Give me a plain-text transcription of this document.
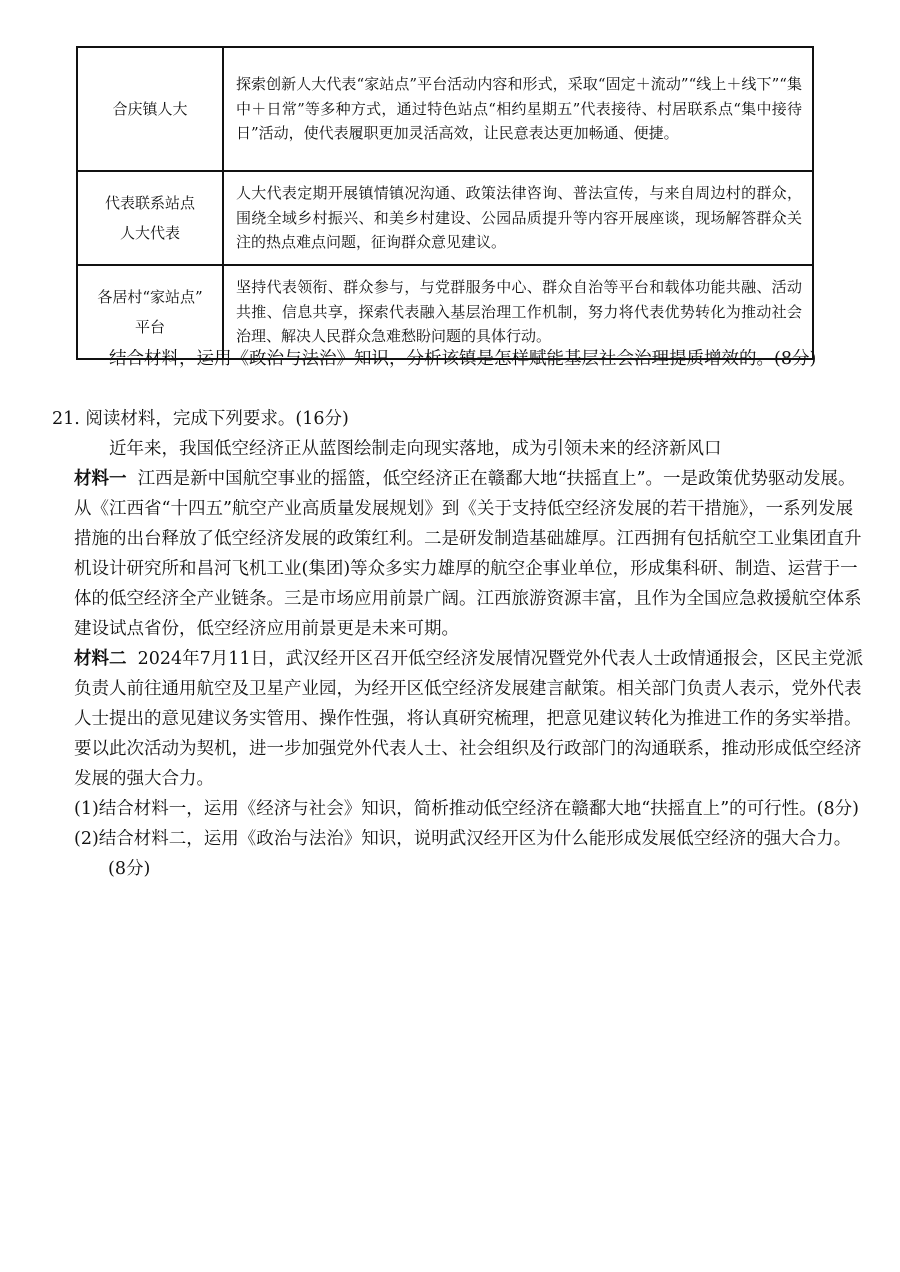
合庆镇人大	探索创新人大代表“家站点”平台活动内容和形式，采取“固定＋流动”“线上＋线下”“集中＋日常”等多种方式，通过特色站点“相约星期五”代表接待、村居联系点“集中接待日”活动，使代表履职更加灵活高效，让民意表达更加畅通、便捷。

代表联系站点
人大代表	人大代表定期开展镇情镇况沟通、政策法律咨询、普法宣传，与来自周边村的群众，围绕全域乡村振兴、和美乡村建设、公园品质提升等内容开展座谈，现场解答群众关注的热点难点问题，征询群众意见建议。

各居村“家站点”
平台	坚持代表领衔、群众参与，与党群服务中心、群众自治等平台和载体功能共融、活动共推、信息共享，探索代表融入基层治理工作机制，努力将代表优势转化为推动社会治理、解决人民群众急难愁盼问题的具体行动。

结合材料，运用《政治与法治》知识，分析该镇是怎样赋能基层社会治理提质增效的。(8分)

21. 阅读材料，完成下列要求。(16分)

近年来，我国低空经济正从蓝图绘制走向现实落地，成为引领未来的经济新风口

材料一 江西是新中国航空事业的摇篮，低空经济正在赣鄱大地“扶摇直上”。一是政策优势驱动发展。从《江西省“十四五”航空产业高质量发展规划》到《关于支持低空经济发展的若干措施》，一系列发展措施的出台释放了低空经济发展的政策红利。二是研发制造基础雄厚。江西拥有包括航空工业集团直升机设计研究所和昌河飞机工业(集团)等众多实力雄厚的航空企事业单位，形成集科研、制造、运营于一体的低空经济全产业链条。三是市场应用前景广阔。江西旅游资源丰富，且作为全国应急救援航空体系建设试点省份，低空经济应用前景更是未来可期。

材料二 2024年7月11日，武汉经开区召开低空经济发展情况暨党外代表人士政情通报会，区民主党派负责人前往通用航空及卫星产业园，为经开区低空经济发展建言献策。相关部门负责人表示，党外代表人士提出的意见建议务实管用、操作性强，将认真研究梳理，把意见建议转化为推进工作的务实举措。要以此次活动为契机，进一步加强党外代表人士、社会组织及行政部门的沟通联系，推动形成低空经济发展的强大合力。

(1)结合材料一，运用《经济与社会》知识，简析推动低空经济在赣鄱大地“扶摇直上”的可行性。(8分)

(2)结合材料二，运用《政治与法治》知识，说明武汉经开区为什么能形成发展低空经济的强大合力。(8分)
